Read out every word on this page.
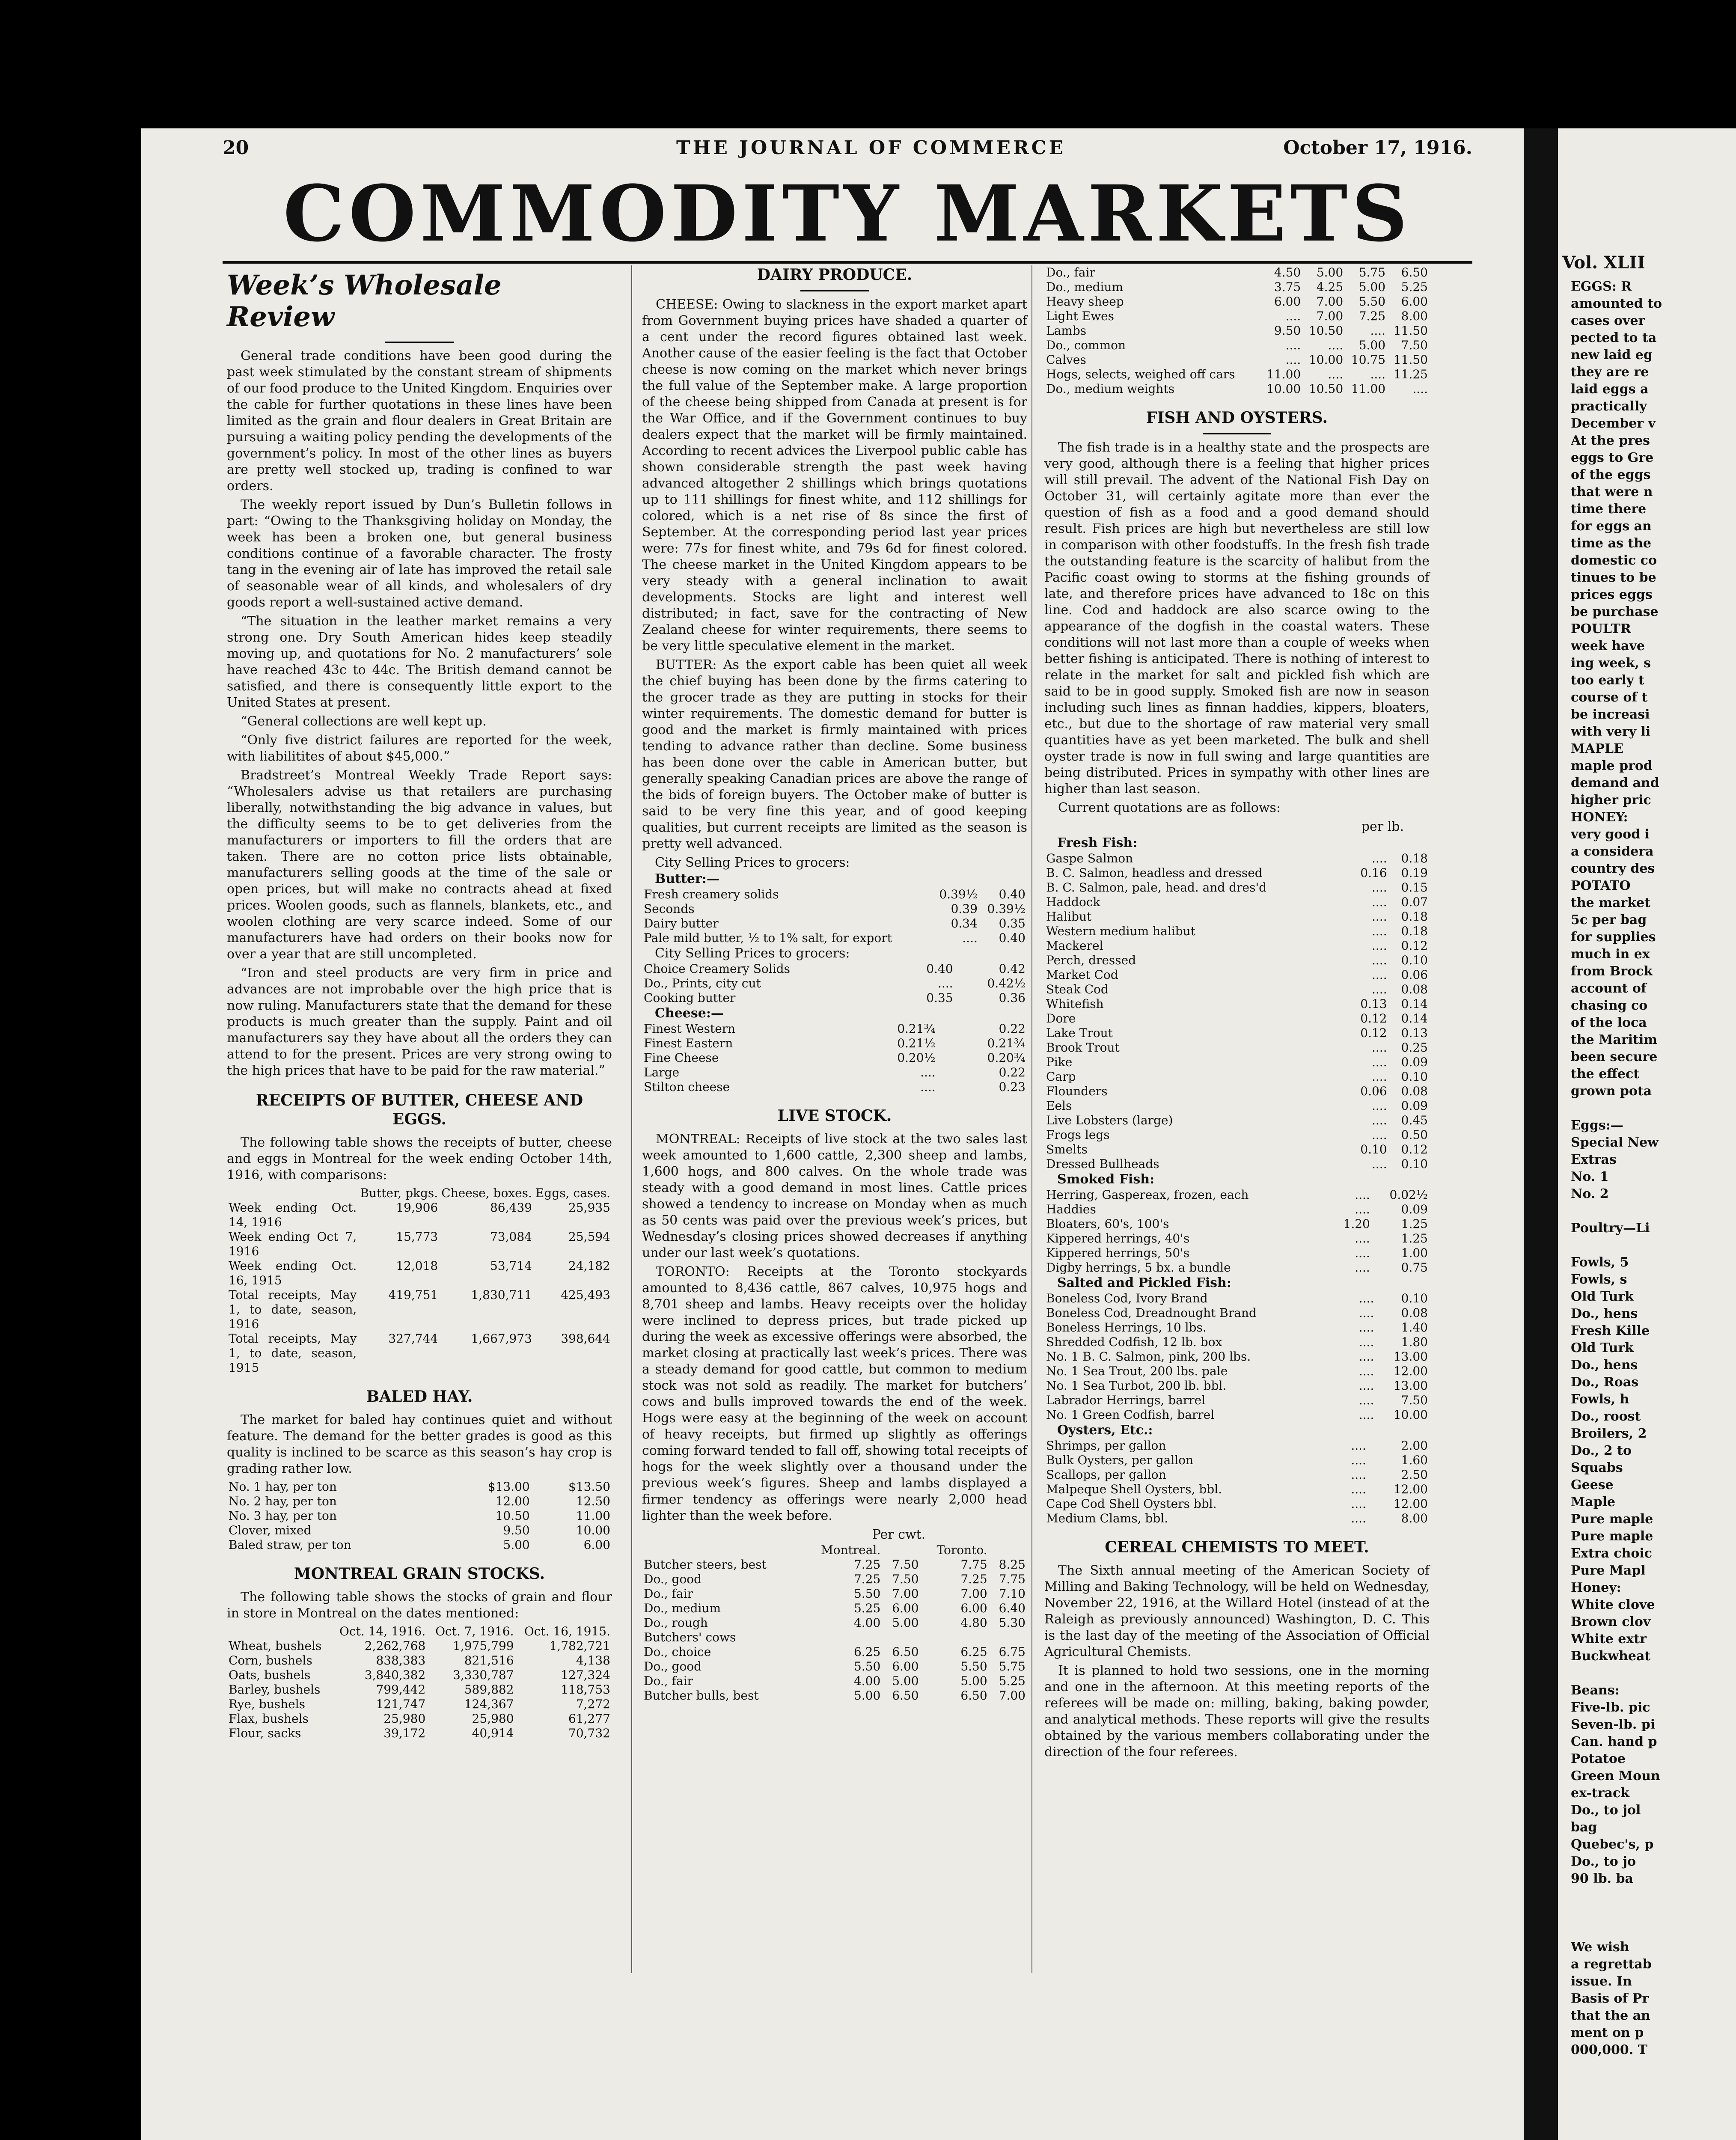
Vol. XLII
EGGS: R
amounted to
cases over
pected to ta
new laid eg
they are re
laid eggs a
practically
December v
At the pres
eggs to Gre
of the eggs
that were n
time there
for eggs an
time as the
domestic co
tinues to be
prices eggs
be purchase
POULTR
week have
ing week, s
too early t
course of t
be increasi
with very li
MAPLE
maple prod
demand and
higher pric
HONEY:
very good i
a considera
country des
POTATO
the market
5c per bag
for supplies
much in ex
from Brock
account of
chasing co
of the loca
the Maritim
been secure
the effect
grown pota

Eggs:—
Special New
Extras
No. 1
No. 2

Poultry—Li

Fowls, 5
Fowls, s
Old Turk
Do., hens
Fresh Kille
Old Turk
Do., hens
Do., Roas
Fowls, h
Do., roost
Broilers, 2
Do., 2 to
Squabs
Geese
Maple
Pure maple
Pure maple
Extra choic
Pure Mapl
Honey:
White clove
Brown clov
White extr
Buckwheat

Beans:
Five-lb. pic
Seven-lb. pi
Can. hand p
Potatoe
Green Moun
ex-track
Do., to jol
bag
Quebec's, p
Do., to jo
90 lb. ba

We wish
a regrettab
issue. In
Basis of Pr
that the an
ment on p
000,000. T
20	THE JOURNAL OF COMMERCE	October 17, 1916.
COMMODITY MARKETS
Week’s Wholesale Review

General trade conditions have been good during the past week stimulated by the constant stream of shipments of our food produce to the United Kingdom. Enquiries over the cable for further quotations in these lines have been limited as the grain and flour dealers in Great Britain are pursuing a waiting policy pending the developments of the government’s policy. In most of the other lines as buyers are pretty well stocked up, trading is confined to war orders.

The weekly report issued by Dun’s Bulletin follows in part: “Owing to the Thanksgiving holiday on Monday, the week has been a broken one, but general business conditions continue of a favorable character. The frosty tang in the evening air of late has improved the retail sale of seasonable wear of all kinds, and wholesalers of dry goods report a well-sustained active demand.

“The situation in the leather market remains a very strong one. Dry South American hides keep steadily moving up, and quotations for No. 2 manufacturers’ sole have reached 43c to 44c. The British demand cannot be satisfied, and there is consequently little export to the United States at present.

“General collections are well kept up.

“Only five district failures are reported for the week, with liabilitites of about $45,000.”

Bradstreet’s Montreal Weekly Trade Report says: “Wholesalers advise us that retailers are purchasing liberally, notwithstanding the big advance in values, but the difficulty seems to be to get deliveries from the manufacturers or importers to fill the orders that are taken. There are no cotton price lists obtainable, manufacturers selling goods at the time of the sale or open prices, but will make no contracts ahead at fixed prices. Woolen goods, such as flannels, blankets, etc., and woolen clothing are very scarce indeed. Some of our manufacturers have had orders on their books now for over a year that are still uncompleted.

“Iron and steel products are very firm in price and advances are not improbable over the high price that is now ruling. Manufacturers state that the demand for these products is much greater than the supply. Paint and oil manufacturers say they have about all the orders they can attend to for the present. Prices are very strong owing to the high prices that have to be paid for the raw material.”

RECEIPTS OF BUTTER, CHEESE AND EGGS.

The following table shows the receipts of butter, cheese and eggs in Montreal for the week ending October 14th, 1916, with comparisons:

	Butter, pkgs.	Cheese, boxes.	Eggs, cases.
Week ending Oct. 14, 1916	19,906	86,439	25,935
Week ending Oct 7, 1916	15,773	73,084	25,594
Week ending Oct. 16, 1915	12,018	53,714	24,182
Total receipts, May 1, to date, season, 1916	419,751	1,830,711	425,493
Total receipts, May 1, to date, season, 1915	327,744	1,667,973	398,644
BALED HAY.

The market for baled hay continues quiet and without feature. The demand for the better grades is good as this quality is inclined to be scarce as this season’s hay crop is grading rather low.

No. 1 hay, per ton	$13.00	$13.50
No. 2 hay, per ton	12.00	12.50
No. 3 hay, per ton	10.50	11.00
Clover, mixed	9.50	10.00
Baled straw, per ton	5.00	6.00
MONTREAL GRAIN STOCKS.

The following table shows the stocks of grain and flour in store in Montreal on the dates mentioned:

	Oct. 14, 1916.	Oct. 7, 1916.	Oct. 16, 1915.
Wheat, bushels	2,262,768	1,975,799	1,782,721
Corn, bushels	838,383	821,516	4,138
Oats, bushels	3,840,382	3,330,787	127,324
Barley, bushels	799,442	589,882	118,753
Rye, bushels	121,747	124,367	7,272
Flax, bushels	25,980	25,980	61,277
Flour, sacks	39,172	40,914	70,732
DAIRY PRODUCE.

CHEESE: Owing to slackness in the export market apart from Government buying prices have shaded a quarter of a cent under the record figures obtained last week. Another cause of the easier feeling is the fact that October cheese is now coming on the market which never brings the full value of the September make. A large proportion of the cheese being shipped from Canada at present is for the War Office, and if the Government continues to buy dealers expect that the market will be firmly maintained. According to recent advices the Liverpool public cable has shown considerable strength the past week having advanced altogether 2 shillings which brings quotations up to 111 shillings for finest white, and 112 shillings for colored, which is a net rise of 8s since the first of September. At the corresponding period last year prices were: 77s for finest white, and 79s 6d for finest colored. The cheese market in the United Kingdom appears to be very steady with a general inclination to await developments. Stocks are light and interest well distributed; in fact, save for the contracting of New Zealand cheese for winter requirements, there seems to be very little speculative element in the market.

BUTTER: As the export cable has been quiet all week the chief buying has been done by the firms catering to the grocer trade as they are putting in stocks for their winter requirements. The domestic demand for butter is good and the market is firmly maintained with prices tending to advance rather than decline. Some business has been done over the cable in American butter, but generally speaking Canadian prices are above the range of the bids of foreign buyers. The October make of butter is said to be very fine this year, and of good keeping qualities, but current receipts are limited as the season is pretty well advanced.

City Selling Prices to grocers:
Butter:—
Fresh creamery solids	0.39½	0.40
Seconds	0.39	0.39½
Dairy butter	0.34	0.35
Pale mild butter, ½ to 1% salt, for export	....	0.40
City Selling Prices to grocers:
Choice Creamery Solids	0.40	0.42
Do., Prints, city cut	....	0.42½
Cooking butter	0.35	0.36
Cheese:—
Finest Western	0.21¾	0.22
Finest Eastern	0.21½	0.21¾
Fine Cheese	0.20½	0.20¾
Large	....	0.22
Stilton cheese	....	0.23
LIVE STOCK.

MONTREAL: Receipts of live stock at the two sales last week amounted to 1,600 cattle, 2,300 sheep and lambs, 1,600 hogs, and 800 calves. On the whole trade was steady with a good demand in most lines. Cattle prices showed a tendency to increase on Monday when as much as 50 cents was paid over the previous week’s prices, but Wednesday’s closing prices showed decreases if anything under our last week’s quotations.

TORONTO: Receipts at the Toronto stockyards amounted to 8,436 cattle, 867 calves, 10,975 hogs and 8,701 sheep and lambs. Heavy receipts over the holiday were inclined to depress prices, but trade picked up during the week as excessive offerings were absorbed, the market closing at practically last week’s prices. There was a steady demand for good cattle, but common to medium stock was not sold as readily. The market for butchers’ cows and bulls improved towards the end of the week. Hogs were easy at the beginning of the week on account of heavy receipts, but firmed up slightly as offerings coming forward tended to fall off, showing total receipts of hogs for the week slightly over a thousand under the previous week’s figures. Sheep and lambs displayed a firmer tendency as offerings were nearly 2,000 head lighter than the week before.

Per cwt.
	Montreal.		Toronto.	
Butcher steers, best	7.25	7.50	7.75	8.25
Do., good	7.25	7.50	7.25	7.75
Do., fair	5.50	7.00	7.00	7.10
Do., medium	5.25	6.00	6.00	6.40
Do., rough	4.00	5.00	4.80	5.30
Butchers' cows				
Do., choice	6.25	6.50	6.25	6.75
Do., good	5.50	6.00	5.50	5.75
Do., fair	4.00	5.00	5.00	5.25
Butcher bulls, best	5.00	6.50	6.50	7.00
Do., fair	4.50	5.00	5.75	6.50
Do., medium	3.75	4.25	5.00	5.25
Heavy sheep	6.00	7.00	5.50	6.00
Light Ewes	....	7.00	7.25	8.00
Lambs	9.50	10.50	....	11.50
Do., common	....	....	5.00	7.50
Calves	....	10.00	10.75	11.50
Hogs, selects, weighed off cars	11.00	....	....	11.25
Do., medium weights	10.00	10.50	11.00	....
FISH AND OYSTERS.

The fish trade is in a healthy state and the prospects are very good, although there is a feeling that higher prices will still prevail. The advent of the National Fish Day on October 31, will certainly agitate more than ever the question of fish as a food and a good demand should result. Fish prices are high but nevertheless are still low in comparison with other foodstuffs. In the fresh fish trade the outstanding feature is the scarcity of halibut from the Pacific coast owing to storms at the fishing grounds of late, and therefore prices have advanced to 18c on this line. Cod and haddock are also scarce owing to the appearance of the dogfish in the coastal waters. These conditions will not last more than a couple of weeks when better fishing is anticipated. There is nothing of interest to relate in the market for salt and pickled fish which are said to be in good supply. Smoked fish are now in season including such lines as finnan haddies, kippers, bloaters, etc., but due to the shortage of raw material very small quantities have as yet been marketed. The bulk and shell oyster trade is now in full swing and large quantities are being distributed. Prices in sympathy with other lines are higher than last season.

Current quotations are as follows:

per lb.
Fresh Fish:
Gaspe Salmon	....	0.18
B. C. Salmon, headless and dressed	0.16	0.19
B. C. Salmon, pale, head. and dres'd	....	0.15
Haddock	....	0.07
Halibut	....	0.18
Western medium halibut	....	0.18
Mackerel	....	0.12
Perch, dressed	....	0.10
Market Cod	....	0.06
Steak Cod	....	0.08
Whitefish	0.13	0.14
Dore	0.12	0.14
Lake Trout	0.12	0.13
Brook Trout	....	0.25
Pike	....	0.09
Carp	....	0.10
Flounders	0.06	0.08
Eels	....	0.09
Live Lobsters (large)	....	0.45
Frogs legs	....	0.50
Smelts	0.10	0.12
Dressed Bullheads	....	0.10
Smoked Fish:
Herring, Gaspereax, frozen, each	....	0.02½
Haddies	....	0.09
Bloaters, 60's, 100's	1.20	1.25
Kippered herrings, 40's	....	1.25
Kippered herrings, 50's	....	1.00
Digby herrings, 5 bx. a bundle	....	0.75
Salted and Pickled Fish:
Boneless Cod, Ivory Brand	....	0.10
Boneless Cod, Dreadnought Brand	....	0.08
Boneless Herrings, 10 lbs.	....	1.40
Shredded Codfish, 12 lb. box	....	1.80
No. 1 B. C. Salmon, pink, 200 lbs.	....	13.00
No. 1 Sea Trout, 200 lbs. pale	....	12.00
No. 1 Sea Turbot, 200 lb. bbl.	....	13.00
Labrador Herrings, barrel	....	7.50
No. 1 Green Codfish, barrel	....	10.00
Oysters, Etc.:
Shrimps, per gallon	....	2.00
Bulk Oysters, per gallon	....	1.60
Scallops, per gallon	....	2.50
Malpeque Shell Oysters, bbl.	....	12.00
Cape Cod Shell Oysters bbl.	....	12.00
Medium Clams, bbl.	....	8.00
CEREAL CHEMISTS TO MEET.

The Sixth annual meeting of the American Society of Milling and Baking Technology, will be held on Wednesday, November 22, 1916, at the Willard Hotel (instead of at the Raleigh as previously announced) Washington, D. C. This is the last day of the meeting of the Association of Official Agricultural Chemists.

It is planned to hold two sessions, one in the morning and one in the afternoon. At this meeting reports of the referees will be made on: milling, baking, baking powder, and analytical methods. These reports will give the results obtained by the various members collaborating under the direction of the four referees.
